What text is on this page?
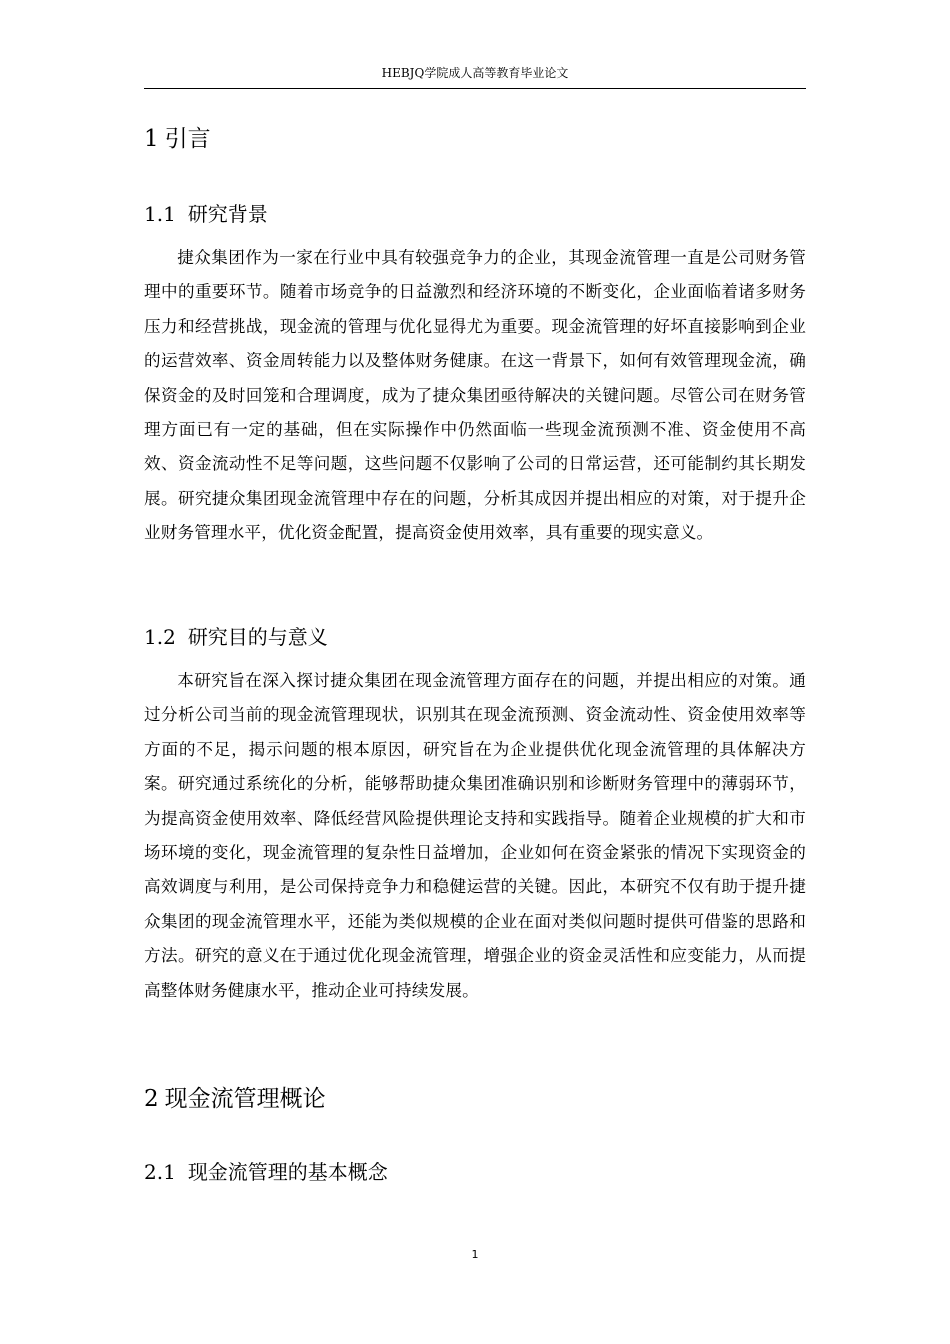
HEBJQ学院成人高等教育毕业论文
1 引言
1.1 研究背景

捷众集团作为一家在行业中具有较强竞争力的企业，其现金流管理一直是公司财务管理中的重要环节。随着市场竞争的日益激烈和经济环境的不断变化，企业面临着诸多财务压力和经营挑战，现金流的管理与优化显得尤为重要。现金流管理的好坏直接影响到企业的运营效率、资金周转能力以及整体财务健康。在这一背景下，如何有效管理现金流，确保资金的及时回笼和合理调度，成为了捷众集团亟待解决的关键问题。尽管公司在财务管理方面已有一定的基础，但在实际操作中仍然面临一些现金流预测不准、资金使用不高效、资金流动性不足等问题，这些问题不仅影响了公司的日常运营，还可能制约其长期发展。研究捷众集团现金流管理中存在的问题，分析其成因并提出相应的对策，对于提升企业财务管理水平，优化资金配置，提高资金使用效率，具有重要的现实意义。

1.2 研究目的与意义

本研究旨在深入探讨捷众集团在现金流管理方面存在的问题，并提出相应的对策。通过分析公司当前的现金流管理现状，识别其在现金流预测、资金流动性、资金使用效率等方面的不足，揭示问题的根本原因，研究旨在为企业提供优化现金流管理的具体解决方案。研究通过系统化的分析，能够帮助捷众集团准确识别和诊断财务管理中的薄弱环节，为提高资金使用效率、降低经营风险提供理论支持和实践指导。随着企业规模的扩大和市场环境的变化，现金流管理的复杂性日益增加，企业如何在资金紧张的情况下实现资金的高效调度与利用，是公司保持竞争力和稳健运营的关键。因此，本研究不仅有助于提升捷众集团的现金流管理水平，还能为类似规模的企业在面对类似问题时提供可借鉴的思路和方法。研究的意义在于通过优化现金流管理，增强企业的资金灵活性和应变能力，从而提高整体财务健康水平，推动企业可持续发展。

2 现金流管理概论
2.1 现金流管理的基本概念
1
